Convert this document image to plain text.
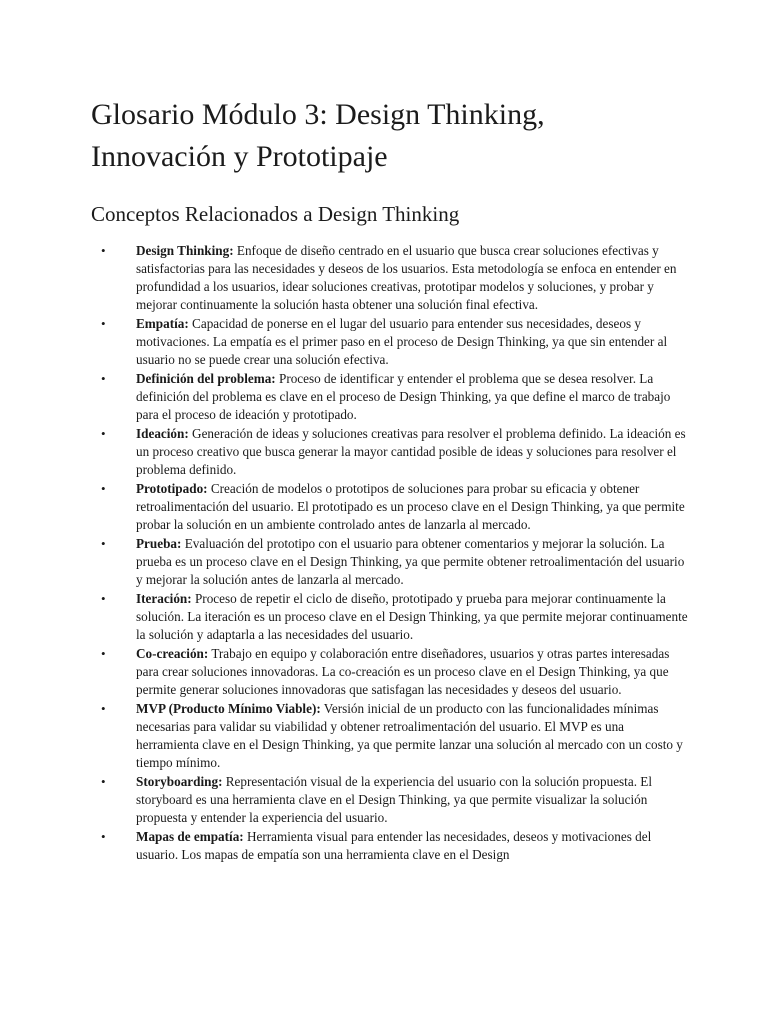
Glosario Módulo 3: Design Thinking,
Innovación y Prototipaje
Conceptos Relacionados a Design Thinking
• Design Thinking: Enfoque de diseño centrado en el usuario que busca crear soluciones efectivas y satisfactorias para las necesidades y deseos de los usuarios. Esta metodología se enfoca en entender en profundidad a los usuarios, idear soluciones creativas, prototipar modelos y soluciones, y probar y mejorar continuamente la solución hasta obtener una solución final efectiva.
• Empatía: Capacidad de ponerse en el lugar del usuario para entender sus necesidades, deseos y motivaciones. La empatía es el primer paso en el proceso de Design Thinking, ya que sin entender al usuario no se puede crear una solución efectiva.
• Definición del problema: Proceso de identificar y entender el problema que se desea resolver. La definición del problema es clave en el proceso de Design Thinking, ya que define el marco de trabajo para el proceso de ideación y prototipado.
• Ideación: Generación de ideas y soluciones creativas para resolver el problema definido. La ideación es un proceso creativo que busca generar la mayor cantidad posible de ideas y soluciones para resolver el problema definido.
• Prototipado: Creación de modelos o prototipos de soluciones para probar su eficacia y obtener retroalimentación del usuario. El prototipado es un proceso clave en el Design Thinking, ya que permite probar la solución en un ambiente controlado antes de lanzarla al mercado.
• Prueba: Evaluación del prototipo con el usuario para obtener comentarios y mejorar la solución. La prueba es un proceso clave en el Design Thinking, ya que permite obtener retroalimentación del usuario y mejorar la solución antes de lanzarla al mercado.
• Iteración: Proceso de repetir el ciclo de diseño, prototipado y prueba para mejorar continuamente la solución. La iteración es un proceso clave en el Design Thinking, ya que permite mejorar continuamente la solución y adaptarla a las necesidades del usuario.
• Co-creación: Trabajo en equipo y colaboración entre diseñadores, usuarios y otras partes interesadas para crear soluciones innovadoras. La co-creación es un proceso clave en el Design Thinking, ya que permite generar soluciones innovadoras que satisfagan las necesidades y deseos del usuario.
• MVP (Producto Mínimo Viable): Versión inicial de un producto con las funcionalidades mínimas necesarias para validar su viabilidad y obtener retroalimentación del usuario. El MVP es una herramienta clave en el Design Thinking, ya que permite lanzar una solución al mercado con un costo y tiempo mínimo.
• Storyboarding: Representación visual de la experiencia del usuario con la solución propuesta. El storyboard es una herramienta clave en el Design Thinking, ya que permite visualizar la solución propuesta y entender la experiencia del usuario.
• Mapas de empatía: Herramienta visual para entender las necesidades, deseos y motivaciones del usuario. Los mapas de empatía son una herramienta clave en el Design
